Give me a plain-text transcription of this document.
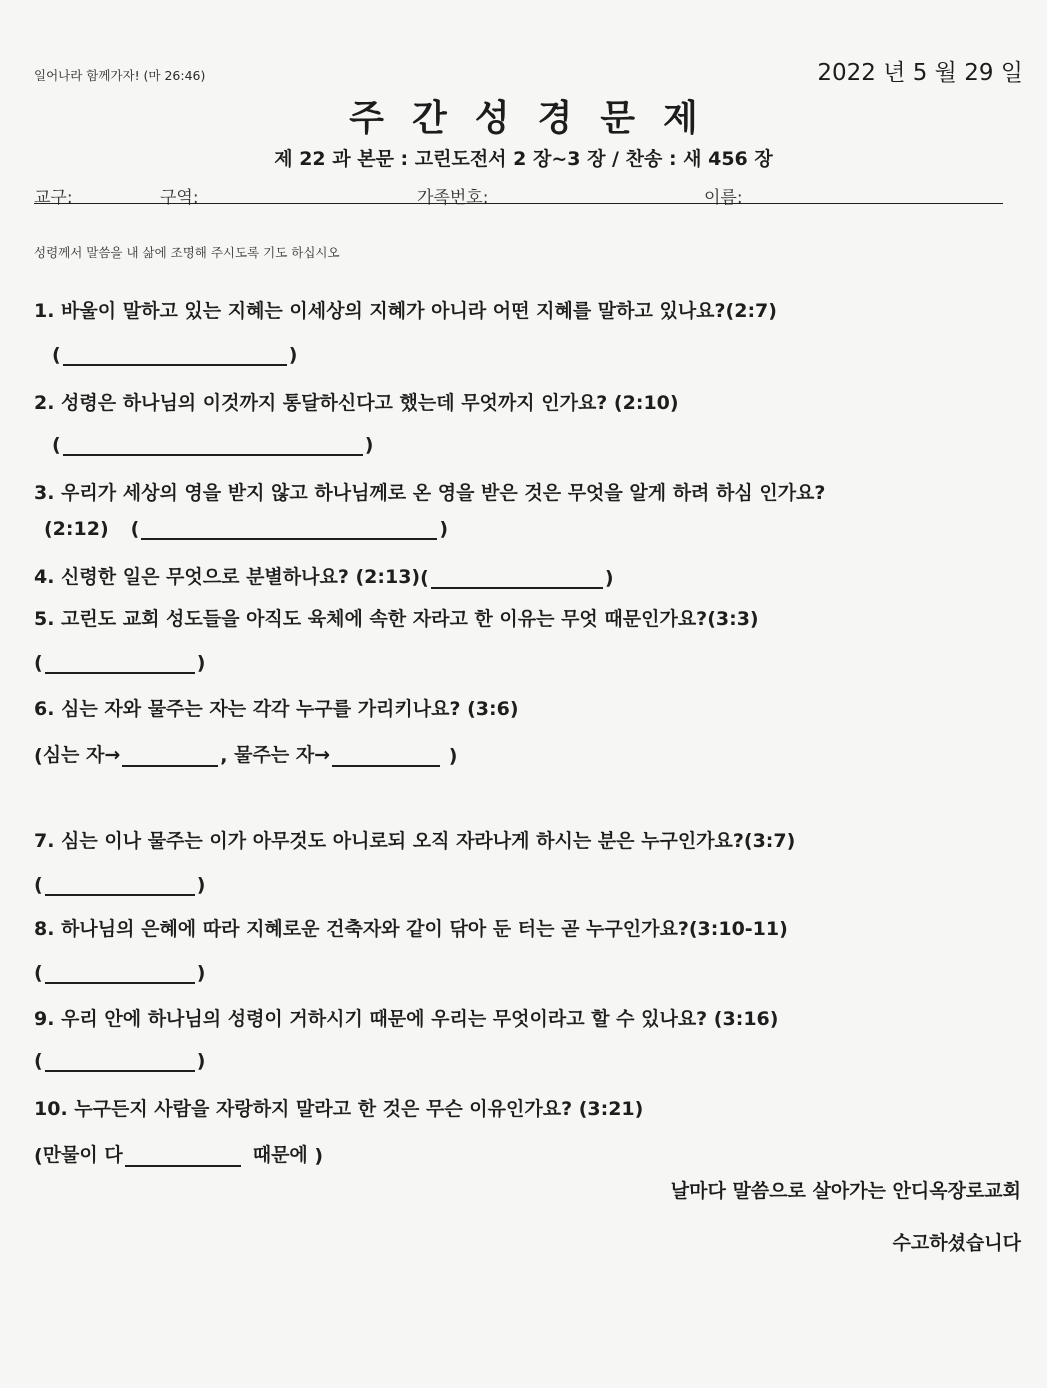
일어나라 함께가자! (마 26:46)	2022 년 5 월 29 일
주간성경문제
제 22 과 본문 : 고린도전서 2 장~3 장 / 찬송 : 새 456 장
교구:	구역:	가족번호:	이름:
성령께서 말씀을 내 삶에 조명해 주시도록 기도 하십시오
1. 바울이 말하고 있는 지혜는 이세상의 지혜가 아니라 어떤 지혜를 말하고 있나요?(2:7)
(	)
2. 성령은 하나님의 이것까지 통달하신다고 했는데 무엇까지 인가요? (2:10)
(	)
3. 우리가 세상의 영을 받지 않고 하나님께로 온 영을 받은 것은 무엇을 알게 하려 하심 인가요?
(2:12) (	)
4. 신령한 일은 무엇으로 분별하나요? (2:13) (	)
5. 고린도 교회 성도들을 아직도 육체에 속한 자라고 한 이유는 무엇 때문인가요?(3:3)
(	)
6. 심는 자와 물주는 자는 각각 누구를 가리키나요? (3:6)
( 심는 자→	, 물주는 자→	)
7. 심는 이나 물주는 이가 아무것도 아니로되 오직 자라나게 하시는 분은 누구인가요?(3:7)
(	)
8. 하나님의 은혜에 따라 지혜로운 건축자와 같이 닦아 둔 터는 곧 누구인가요?(3:10-11)
(	)
9. 우리 안에 하나님의 성령이 거하시기 때문에 우리는 무엇이라고 할 수 있나요? (3:16)
(	)
10. 누구든지 사람을 자랑하지 말라고 한 것은 무슨 이유인가요? (3:21)
( 만물이 다	때문에 )
날마다 말씀으로 살아가는 안디옥장로교회
수고하셨습니다
